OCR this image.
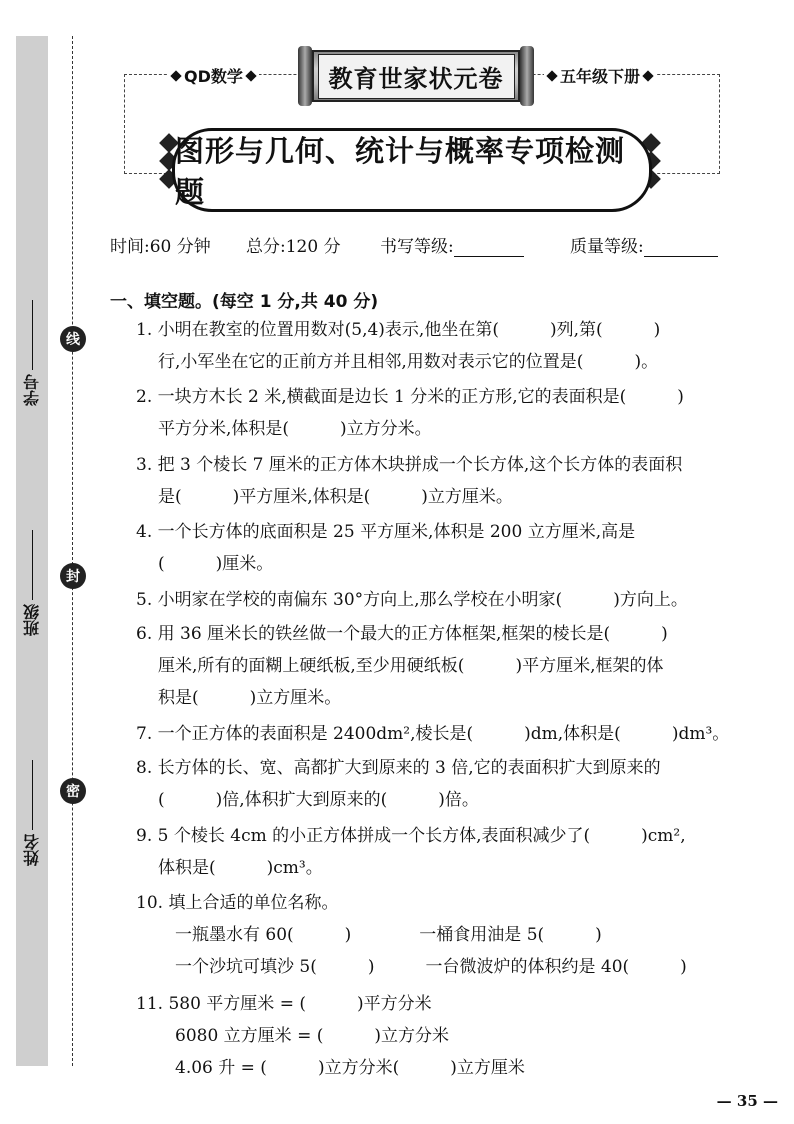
姓名
班级
学号
线
封
密
QD数学	五年级下册
教育世家状元卷
图形与几何、统计与概率专项检测题
时间:60 分钟 总分:120 分 书写等级:	质量等级:
一、填空题。(每空 1 分,共 40 分)
1. 小明在教室的位置用数对(5,4)表示,他坐在第(　　　)列,第(　　　)
行,小军坐在它的正前方并且相邻,用数对表示它的位置是(　　　)。
2. 一块方木长 2 米,横截面是边长 1 分米的正方形,它的表面积是(　　　)
平方分米,体积是(　　　)立方分米。
3. 把 3 个棱长 7 厘米的正方体木块拼成一个长方体,这个长方体的表面积
是(　　　)平方厘米,体积是(　　　)立方厘米。
4. 一个长方体的底面积是 25 平方厘米,体积是 200 立方厘米,高是
(　　　)厘米。
5. 小明家在学校的南偏东 30°方向上,那么学校在小明家(　　　)方向上。
6. 用 36 厘米长的铁丝做一个最大的正方体框架,框架的棱长是(　　　)
厘米,所有的面糊上硬纸板,至少用硬纸板(　　　)平方厘米,框架的体
积是(　　　)立方厘米。
7. 一个正方体的表面积是 2400dm²,棱长是(　　　)dm,体积是(　　　)dm³。
8. 长方体的长、宽、高都扩大到原来的 3 倍,它的表面积扩大到原来的
(　　　)倍,体积扩大到原来的(　　　)倍。
9. 5 个棱长 4cm 的小正方体拼成一个长方体,表面积减少了(　　　)cm²,
体积是(　　　)cm³。
10. 填上合适的单位名称。
　一瓶墨水有 60(　　　)　　　　一桶食用油是 5(　　　)
　一个沙坑可填沙 5(　　　)　　　一台微波炉的体积约是 40(　　　)
11. 580 平方厘米 = (　　　)平方分米
　6080 立方厘米 = (　　　)立方分米
　4.06 升 = (　　　)立方分米(　　　)立方厘米
— 35 —
